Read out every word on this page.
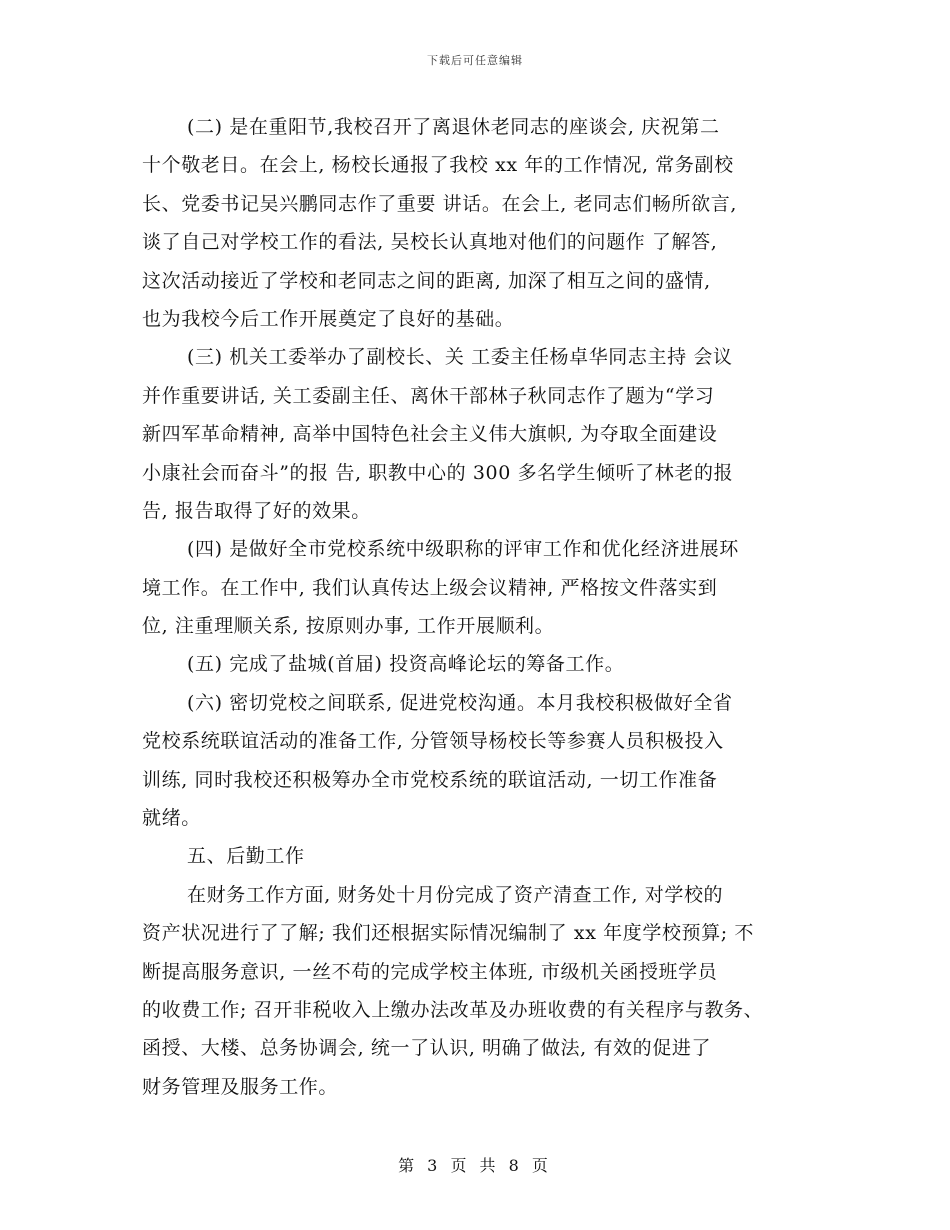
下载后可任意编辑
(二) 是在重阳节,我校召开了离退休老同志的座谈会, 庆祝第二
十个敬老日。在会上, 杨校长通报了我校 xx 年的工作情况, 常务副校
长、党委书记吴兴鹏同志作了重要 讲话。在会上, 老同志们畅所欲言,
谈了自己对学校工作的看法, 吴校长认真地对他们的问题作 了解答,
这次活动接近了学校和老同志之间的距离, 加深了相互之间的盛情,
也为我校今后工作开展奠定了良好的基础。
(三) 机关工委举办了副校长、关 工委主任杨卓华同志主持 会议
并作重要讲话, 关工委副主任、离休干部林子秋同志作了题为“学习
新四军革命精神, 高举中国特色社会主义伟大旗帜, 为夺取全面建设
小康社会而奋斗”的报 告, 职教中心的 300 多名学生倾听了林老的报
告, 报告取得了好的效果。
(四) 是做好全市党校系统中级职称的评审工作和优化经济进展环
境工作。在工作中, 我们认真传达上级会议精神, 严格按文件落实到
位, 注重理顺关系, 按原则办事, 工作开展顺利。
(五) 完成了盐城(首届) 投资高峰论坛的筹备工作。
(六) 密切党校之间联系, 促进党校沟通。本月我校积极做好全省
党校系统联谊活动的准备工作, 分管领导杨校长等参赛人员积极投入
训练, 同时我校还积极筹办全市党校系统的联谊活动, 一切工作准备
就绪。
五、后勤工作
在财务工作方面, 财务处十月份完成了资产清查工作, 对学校的
资产状况进行了了解; 我们还根据实际情况编制了 xx 年度学校预算; 不
断提高服务意识, 一丝不苟的完成学校主体班, 市级机关函授班学员
的收费工作; 召开非税收入上缴办法改革及办班收费的有关程序与教务、
函授、大楼、总务协调会, 统一了认识, 明确了做法, 有效的促进了
财务管理及服务工作。
第 3 页 共 8 页
